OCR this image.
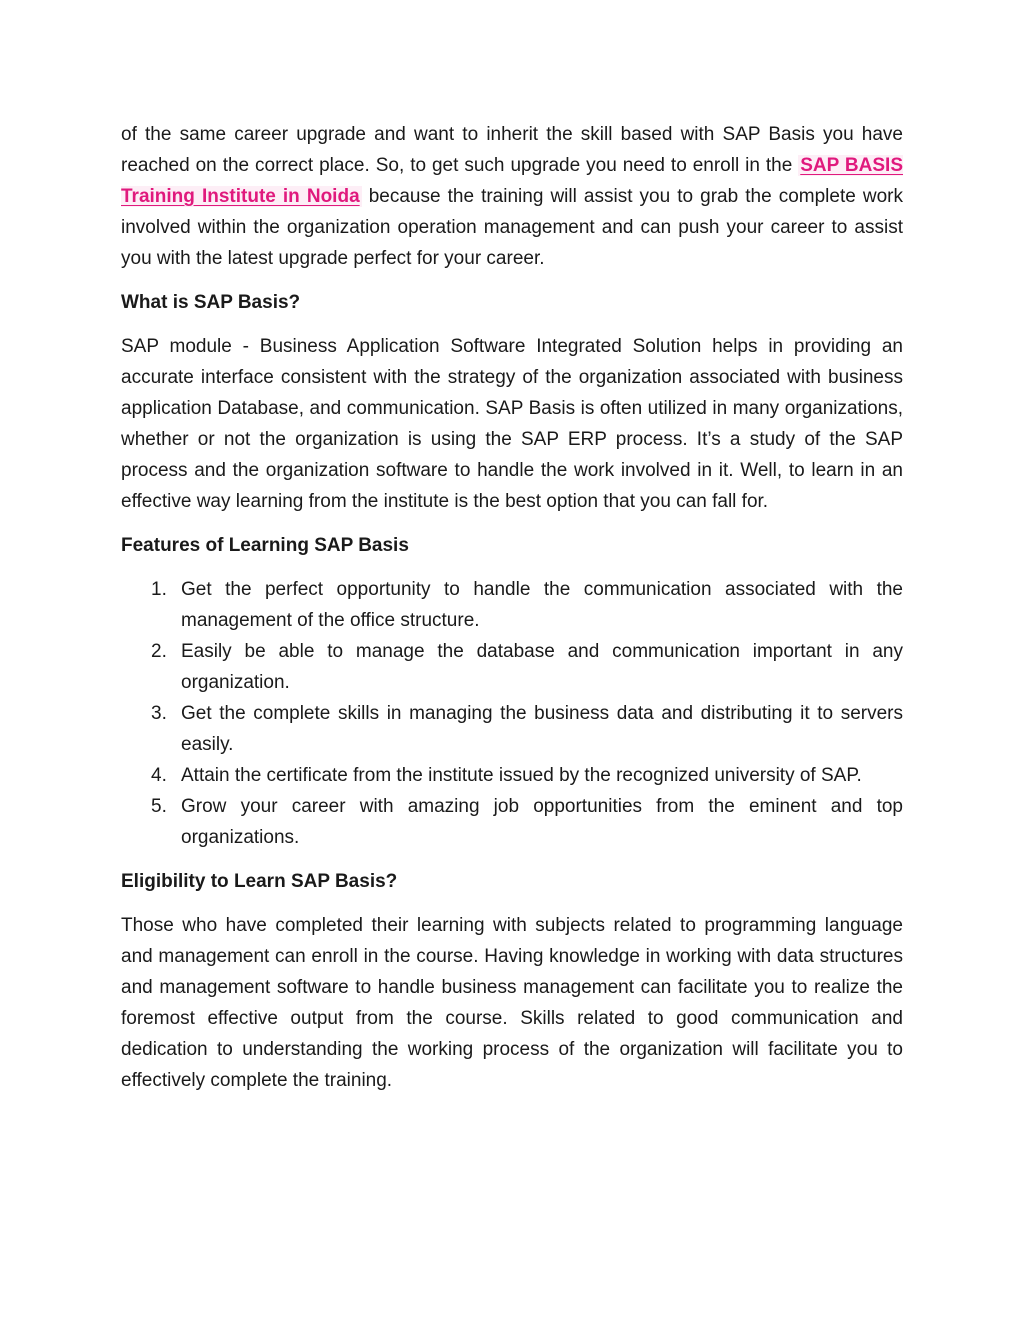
of the same career upgrade and want to inherit the skill based with SAP Basis you have reached on the correct place. So, to get such upgrade you need to enroll in the SAP BASIS Training Institute in Noida because the training will assist you to grab the complete work involved within the organization operation management and can push your career to assist you with the latest upgrade perfect for your career.

What is SAP Basis?

SAP module - Business Application Software Integrated Solution helps in providing an accurate interface consistent with the strategy of the organization associated with business application Database, and communication. SAP Basis is often utilized in many organizations, whether or not the organization is using the SAP ERP process. It’s a study of the SAP process and the organization software to handle the work involved in it. Well, to learn in an effective way learning from the institute is the best option that you can fall for.

Features of Learning SAP Basis

1. Get the perfect opportunity to handle the communication associated with the management of the office structure.
2. Easily be able to manage the database and communication important in any organization.
3. Get the complete skills in managing the business data and distributing it to servers easily.
4. Attain the certificate from the institute issued by the recognized university of SAP.
5. Grow your career with amazing job opportunities from the eminent and top organizations.

Eligibility to Learn SAP Basis?

Those who have completed their learning with subjects related to programming language and management can enroll in the course. Having knowledge in working with data structures and management software to handle business management can facilitate you to realize the foremost effective output from the course. Skills related to good communication and dedication to understanding the working process of the organization will facilitate you to effectively complete the training.
